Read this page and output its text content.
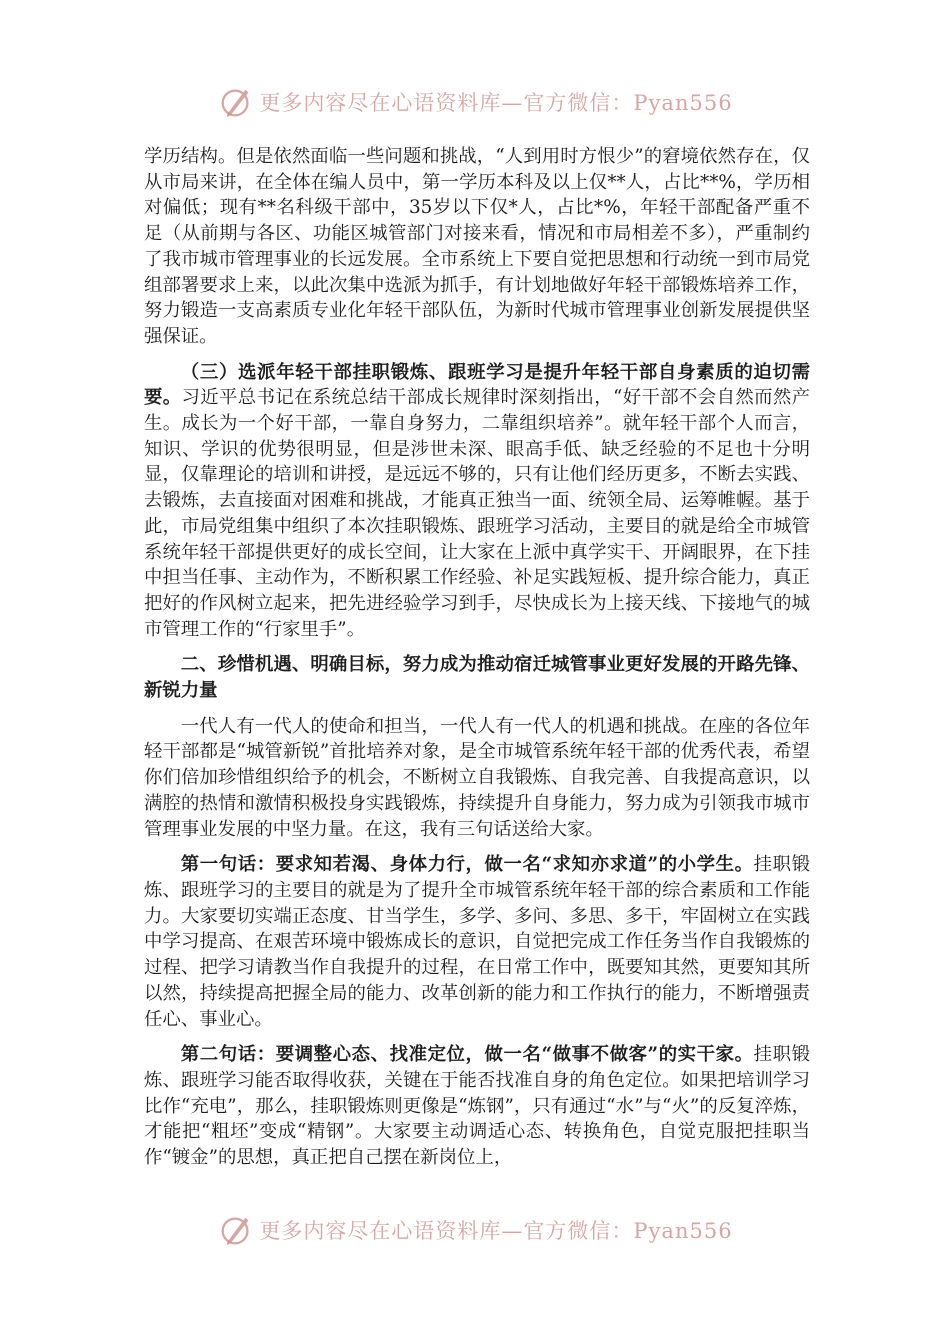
更多内容尽在心语资料库—官方微信：Pyan556

学历结构。但是依然面临一些问题和挑战，“人到用时方恨少”的窘境依然存在，仅从市局来讲，在全体在编人员中，第一学历本科及以上仅**人，占比**%，学历相对偏低；现有**名科级干部中，35岁以下仅*人，占比*%，年轻干部配备严重不足（从前期与各区、功能区城管部门对接来看，情况和市局相差不多），严重制约了我市城市管理事业的长远发展。全市系统上下要自觉把思想和行动统一到市局党组部署要求上来，以此次集中选派为抓手，有计划地做好年轻干部锻炼培养工作，努力锻造一支高素质专业化年轻干部队伍，为新时代城市管理事业创新发展提供坚强保证。

（三）选派年轻干部挂职锻炼、跟班学习是提升年轻干部自身素质的迫切需要。习近平总书记在系统总结干部成长规律时深刻指出，“好干部不会自然而然产生。成长为一个好干部，一靠自身努力，二靠组织培养”。就年轻干部个人而言，知识、学识的优势很明显，但是涉世未深、眼高手低、缺乏经验的不足也十分明显，仅靠理论的培训和讲授，是远远不够的，只有让他们经历更多，不断去实践、去锻炼，去直接面对困难和挑战，才能真正独当一面、统领全局、运筹帷幄。基于此，市局党组集中组织了本次挂职锻炼、跟班学习活动，主要目的就是给全市城管系统年轻干部提供更好的成长空间，让大家在上派中真学实干、开阔眼界，在下挂中担当任事、主动作为，不断积累工作经验、补足实践短板、提升综合能力，真正把好的作风树立起来，把先进经验学习到手，尽快成长为上接天线、下接地气的城市管理工作的“行家里手”。

二、珍惜机遇、明确目标，努力成为推动宿迁城管事业更好发展的开路先锋、新锐力量

一代人有一代人的使命和担当，一代人有一代人的机遇和挑战。在座的各位年轻干部都是“城管新锐”首批培养对象，是全市城管系统年轻干部的优秀代表，希望你们倍加珍惜组织给予的机会，不断树立自我锻炼、自我完善、自我提高意识，以满腔的热情和激情积极投身实践锻炼，持续提升自身能力，努力成为引领我市城市管理事业发展的中坚力量。在这，我有三句话送给大家。

第一句话：要求知若渴、身体力行，做一名“求知亦求道”的小学生。挂职锻炼、跟班学习的主要目的就是为了提升全市城管系统年轻干部的综合素质和工作能力。大家要切实端正态度、甘当学生，多学、多问、多思、多干，牢固树立在实践中学习提高、在艰苦环境中锻炼成长的意识，自觉把完成工作任务当作自我锻炼的过程、把学习请教当作自我提升的过程，在日常工作中，既要知其然，更要知其所以然，持续提高把握全局的能力、改革创新的能力和工作执行的能力，不断增强责任心、事业心。

第二句话：要调整心态、找准定位，做一名“做事不做客”的实干家。挂职锻炼、跟班学习能否取得收获，关键在于能否找准自身的角色定位。如果把培训学习比作“充电”，那么，挂职锻炼则更像是“炼钢”，只有通过“水”与“火”的反复淬炼，才能把“粗坯”变成“精钢”。大家要主动调适心态、转换角色，自觉克服把挂职当作“镀金”的思想，真正把自己摆在新岗位上，

更多内容尽在心语资料库—官方微信：Pyan556
